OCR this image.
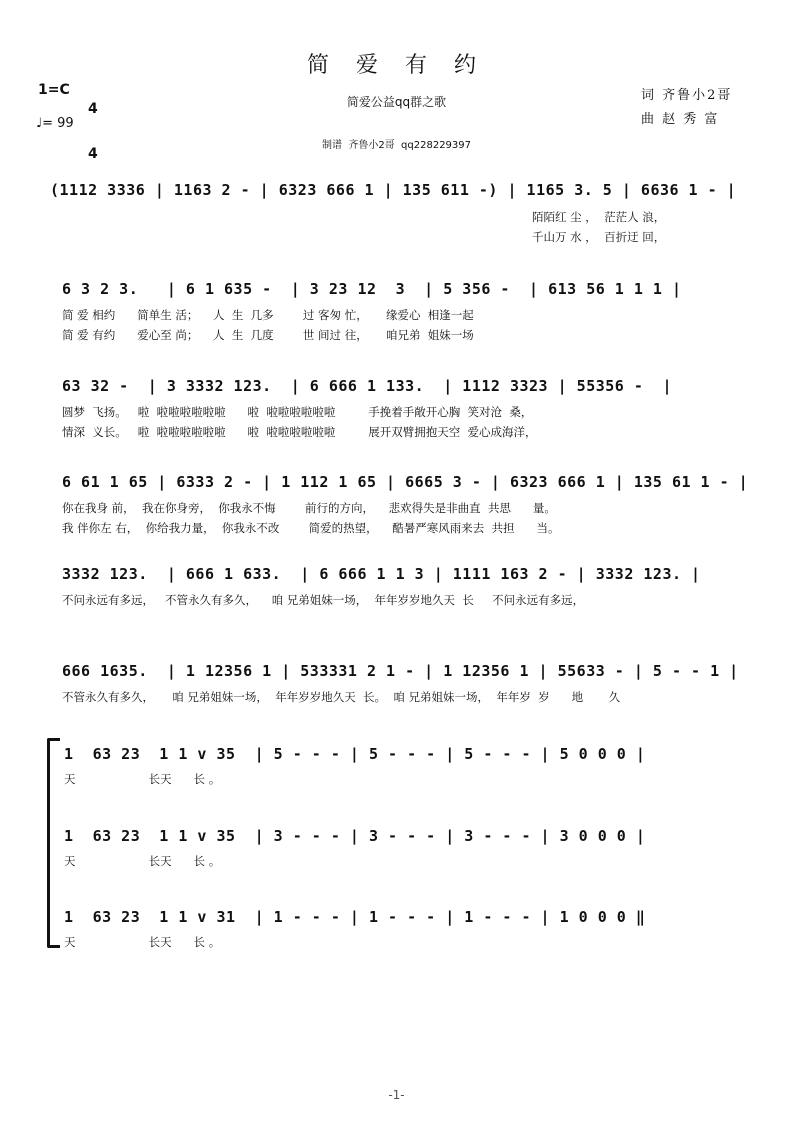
简 爱 有 约
简爱公益qq群之歌
制谱  齐鲁小2哥  qq228229397
1=C

4

4

♩= 99
词 齐鲁小2哥
曲 赵 秀 富
(1112 3336 | 1163 2 - | 6323 666 1 | 135 611 -) | 1165 3. 5 | 6636 1 - |
陌陌红 尘 ，  茫茫人 浪，
千山万 水 ，  百折迂 回，
6 3 2 3.   | 6 1 635 -  | 3 23 12  3  | 5 356 -  | 613 56 1 1 1 |
简 爱 相约      简单生 活；    人  生  几多        过 客匆 忙，     缘爱心  相逢一起
简 爱 有约      爱心至 尚；    人  生  几度        世 间过 往，     咱兄弟  姐妹一场
63 32 -  | 3 3332 123.  | 6 666 1 133.  | 1112 3323 | 55356 -  |
圆梦  飞扬。   啦  啦啦啦啦啦啦      啦  啦啦啦啦啦啦         手挽着手敞开心胸  笑对沧  桑，
情深  义长。   啦  啦啦啦啦啦啦      啦  啦啦啦啦啦啦         展开双臂拥抱天空  爱心成海洋，
6 61 1 65 | 6333 2 - | 1 112 1 65 | 6665 3 - | 6323 666 1 | 135 61 1 - |
你在我身 前，  我在你身旁，  你我永不悔        前行的方向，    悲欢得失是非曲直  共思      量。
我 伴你左 右，  你给我力量，  你我永不改        简爱的热望，    酷暑严寒风雨来去  共担      当。
3332 123.  | 666 1 633.  | 6 666 1 1 3 | 1111 163 2 - | 3332 123. |
不问永远有多远，   不管永久有多久，    咱 兄弟姐妹一场，  年年岁岁地久天  长     不问永远有多远，
666 1635.  | 1 12356 1 | 533331 2 1 - | 1 12356 1 | 55633 - | 5 - - 1 |
不管永久有多久，     咱 兄弟姐妹一场，  年年岁岁地久天  长。  咱 兄弟姐妹一场，  年年岁  岁      地       久
1  63 23  1 1 v 35  | 5 - - - | 5 - - - | 5 - - - | 5 0 0 0 |
天                    长天      长 。
1  63 23  1 1 v 35  | 3 - - - | 3 - - - | 3 - - - | 3 0 0 0 |
天                    长天      长 。
1  63 23  1 1 v 31  | 1 - - - | 1 - - - | 1 - - - | 1 0 0 0 ‖
天                    长天      长 。
-1-
